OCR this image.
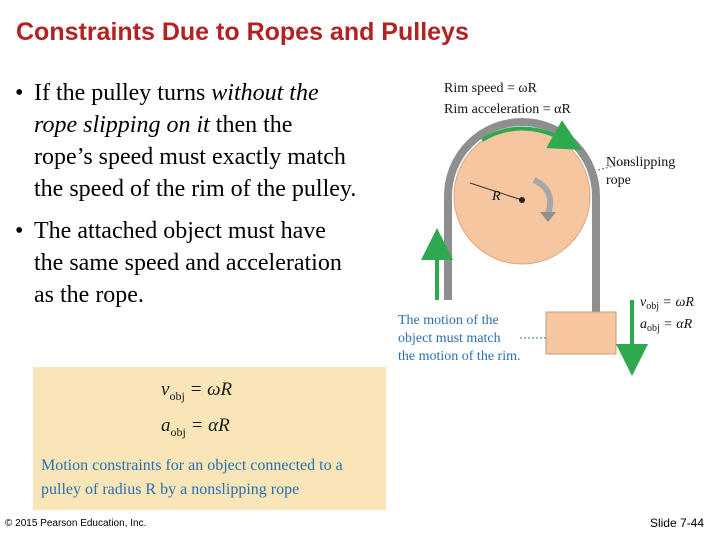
Constraints Due to Ropes and Pulleys
• If the pulley turns without the rope slipping on it then the rope’s speed must exactly match the speed of the rim of the pulley.
• The attached object must have the same speed and acceleration as the rope.
$v_{obj} = \omega R$
$a_{obj} = \alpha R$
Motion constraints for an object connected to a
pulley of radius R by a nonslipping rope
R
Rim speed = ωR
Rim acceleration = αR
Nonslipping
rope
The motion of the
object must match
the motion of the rim.
$v_{obj} = \omega R$
$a_{obj} = \alpha R$
© 2015 Pearson Education, Inc.	Slide 7-44
